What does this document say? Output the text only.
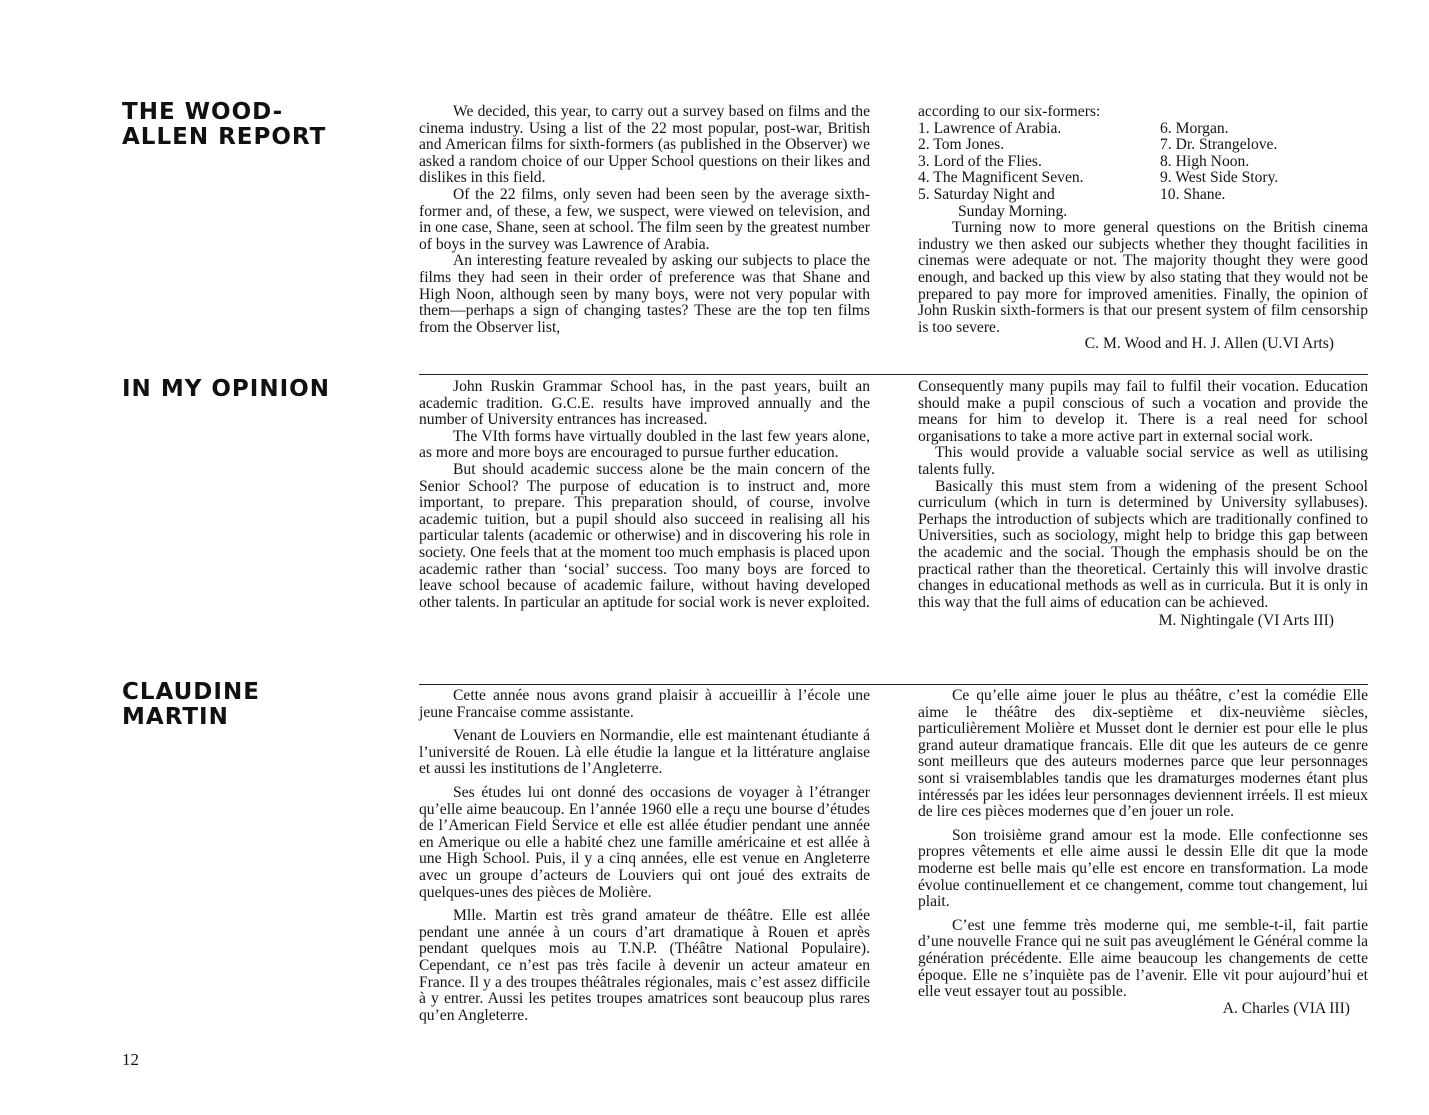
THE WOOD-
ALLEN REPORT

We decided, this year, to carry out a survey based on films and the cinema industry. Using a list of the 22 most popular, post-war, British and American films for sixth-formers (as published in the Observer) we asked a random choice of our Upper School questions on their likes and dislikes in this field.

Of the 22 films, only seven had been seen by the average sixth-former and, of these, a few, we suspect, were viewed on television, and in one case, Shane, seen at school. The film seen by the greatest number of boys in the survey was Lawrence of Arabia.

An interesting feature revealed by asking our subjects to place the films they had seen in their order of preference was that Shane and High Noon, although seen by many boys, were not very popular with them—perhaps a sign of changing tastes? These are the top ten films from the Observer list,

according to our six-formers:

1. Lawrence of Arabia.	6. Morgan.
2. Tom Jones.	7. Dr. Strangelove.
3. Lord of the Flies.	8. High Noon.
4. The Magnificent Seven.	9. West Side Story.
5. Saturday Night and	10. Shane.
Sunday Morning.

Turning now to more general questions on the British cinema industry we then asked our subjects whether they thought facilities in cinemas were adequate or not. The majority thought they were good enough, and backed up this view by also stating that they would not be prepared to pay more for improved amenities. Finally, the opinion of John Ruskin sixth-formers is that our present system of film censorship is too severe.

C. M. Wood and H. J. Allen (U.VI Arts)

IN MY OPINION	John Ruskin Grammar School has, in the past years, built an academic tradition. G.C.E. results have improved annually and the number of University entrances has increased.

The VIth forms have virtually doubled in the last few years alone, as more and more boys are encouraged to pursue further education.

But should academic success alone be the main concern of the Senior School? The purpose of education is to instruct and, more important, to prepare. This preparation should, of course, involve academic tuition, but a pupil should also succeed in realising all his particular talents (academic or otherwise) and in discovering his role in society. One feels that at the moment too much emphasis is placed upon academic rather than ‘social’ success. Too many boys are forced to leave school because of academic failure, without having developed other talents. In particular an aptitude for social work is never exploited.

Consequently many pupils may fail to fulfil their vocation. Education should make a pupil conscious of such a vocation and provide the means for him to develop it. There is a real need for school organisations to take a more active part in external social work.

This would provide a valuable social service as well as utilising talents fully.

Basically this must stem from a widening of the present School curriculum (which in turn is determined by University syllabuses). Perhaps the introduction of subjects which are traditionally confined to Universities, such as sociology, might help to bridge this gap between the academic and the social. Though the emphasis should be on the practical rather than the theoretical. Certainly this will involve drastic changes in educational methods as well as in curricula. But it is only in this way that the full aims of education can be achieved.

M. Nightingale (VI Arts III)

CLAUDINE
MARTIN

Cette année nous avons grand plaisir à accueillir à l’école une jeune Francaise comme assistante.

Venant de Louviers en Normandie, elle est maintenant étudiante á l’université de Rouen. Là elle étudie la langue et la littérature anglaise et aussi les institutions de l’Angleterre.

Ses études lui ont donné des occasions de voyager à l’étranger qu’elle aime beaucoup. En l’année 1960 elle a reçu une bourse d’études de l’American Field Service et elle est allée étudier pendant une année en Amerique ou elle a habité chez une famille américaine et est allée à une High School. Puis, il y a cinq années, elle est venue en Angleterre avec un groupe d’acteurs de Louviers qui ont joué des extraits de quelques-unes des pièces de Molière.

Mlle. Martin est très grand amateur de théâtre. Elle est allée pendant une année à un cours d’art dramatique à Rouen et après pendant quelques mois au T.N.P. (Théâtre National Populaire). Cependant, ce n’est pas très facile à devenir un acteur amateur en France. Il y a des troupes théâtrales régionales, mais c’est assez difficile à y entrer. Aussi les petites troupes amatrices sont beaucoup plus rares qu’en Angleterre.

Ce qu’elle aime jouer le plus au théâtre, c’est la comédie Elle aime le théâtre des dix-septième et dix-neuvième siècles, particulièrement Molière et Musset dont le dernier est pour elle le plus grand auteur dramatique francais. Elle dit que les auteurs de ce genre sont meilleurs que des auteurs modernes parce que leur personnages sont si vraisemblables tandis que les dramaturges modernes étant plus intéressés par les idées leur personnages deviennent irréels. Il est mieux de lire ces pièces modernes que d’en jouer un role.

Son troisième grand amour est la mode. Elle confectionne ses propres vêtements et elle aime aussi le dessin Elle dit que la mode moderne est belle mais qu’elle est encore en transformation. La mode évolue continuellement et ce changement, comme tout changement, lui plait.

C’est une femme très moderne qui, me semble-t-il, fait partie d’une nouvelle France qui ne suit pas aveuglément le Général comme la génération précédente. Elle aime beaucoup les changements de cette époque. Elle ne s’inquiète pas de l’avenir. Elle vit pour aujourd’hui et elle veut essayer tout au possible.

A. Charles (VIA III)

12
